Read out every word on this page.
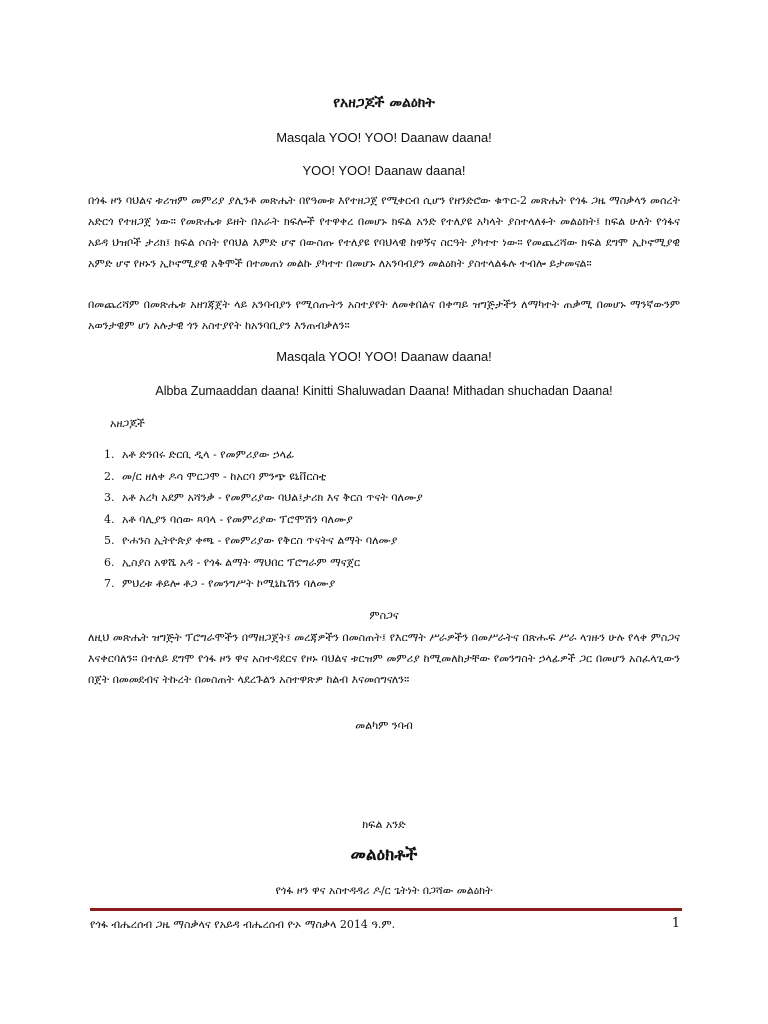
የአዘጋጆች መልዕክት
Masqala YOO! YOO! Daanaw daana!
YOO! YOO! Daanaw daana!

በጎፋ ዞን ባህልና ቱሪዝም መምሪያ ያሊንቶ መጽሔት በየዓመቱ እየተዘጋጀ የሚቀርብ ሲሆን የዘንድሮው ቁጥር-2 መጽሔት የጎፋ ጋዜ ማስቃላን መሰረት አድርጎ የተዘጋጀ ነው። የመጽሔቱ ይዘት በአራት ክፍሎች የተዋቀረ በመሆኑ ክፍል አንድ የተለያዩ አካላት ያስተላለፉት መልዕክት፤ ክፍል ሁለት የጎፋና አይዳ ህዝቦች ታሪክ፤ ክፍል ሶስት የባህል እምድ ሆኖ በውስጡ የተለያዩ የባህላዊ ከዋኝና ስርዓት ያካተተ ነው። የመጨረሻው ክፍል ደግሞ ኢኮኖሚያዊ አምድ ሆኖ የዞኑን ኢኮኖሚያዊ አቅሞች በተመጠነ መልኩ ያካተተ በመሆኑ ለአንባብያን መልዕክት ያስተላልፋሉ ተብሎ ይታመናል።

በመጨረሻም በመጽሔቱ አዘገጃጀት ላይ አንባብያን የሚሰጡትን አስተያየት ለመቀበልና በቀጣይ ዝግጅታችን ለማካተት ጠቃሚ በመሆኑ ማንኛውንም አወንታዊም ሆነ አሉታዊ ጎን አስተያየት ከአንባቢያን እንጠብቃለን።

Masqala YOO! YOO! Daanaw daana!
Albba Zumaaddan daana! Kinitti Shaluwadan Daana! Mithadan shuchadan Daana!
አዘጋጆች
1. አቶ ድንበሩ ድርቢ ዲላ - የመምሪያው ኃላፊ
2. መ/ር ዘለቀ ዶሳ ሞርጋሞ - ከአርባ ምንጭ ዩኒቨርስቲ
3. አቶ አረካ አደም አሻንቃ - የመምሪያው ባህል፤ታሪክ እና ቅርስ ጥናት ባለሙያ
4. አቶ ባሊያን ባሰው ጻባላ - የመምሪያው ፕሮሞሽን ባለሙያ
5. ዮሐንስ ኢትዮጵያ ቀጫ - የመምሪያው የቅርስ ጥናትና ልማት ባለሙያ
6. ኢስያስ አዋሼ አዳ - የጎፋ ልማት ማህበር ፕሮግራም ማናጀር
7. ምህረቱ ቶይሎ ቶጋ - የመንግሥት ኮሚኒኬሽን ባለሙያ
ምስጋና

ለዚህ መጽሔት ዝግጅት ፕሮግራሞችን በማዘጋጀት፤ መረጃዎችን በመስጠት፤ የእርማት ሥራዎችን በመሥራትና በጽሑፍ ሥራ ላገዙን ሁሉ የላቀ ምስጋና እናቀርባለን። በተለይ ደግሞ የጎፋ ዞን ዋና አስተዳደርና የዞኑ ባህልና ቱርዝም መምሪያ ከሚመለከታቸው የመንግስት ኃላፊዎች ጋር በመሆን አስፈላጊውን በጀት በመመደብና ትኩረት በመስጠት ላደረጉልን አስተዋጽዎ ከልብ እናመሰግናለን።

መልካም ንባብ
ክፍል አንድ
መልዕክቶች
የጎፋ ዞን ዋና አስተዳዳሪ ዶ/ር ጌትነት በጋሻው መልዕክት
የጎፋ ብሔረሰብ ጋዜ ማስቃላና የአይዳ ብሔረሰብ ዮኦ ማስቃላ 2014 ዓ.ም.	1
